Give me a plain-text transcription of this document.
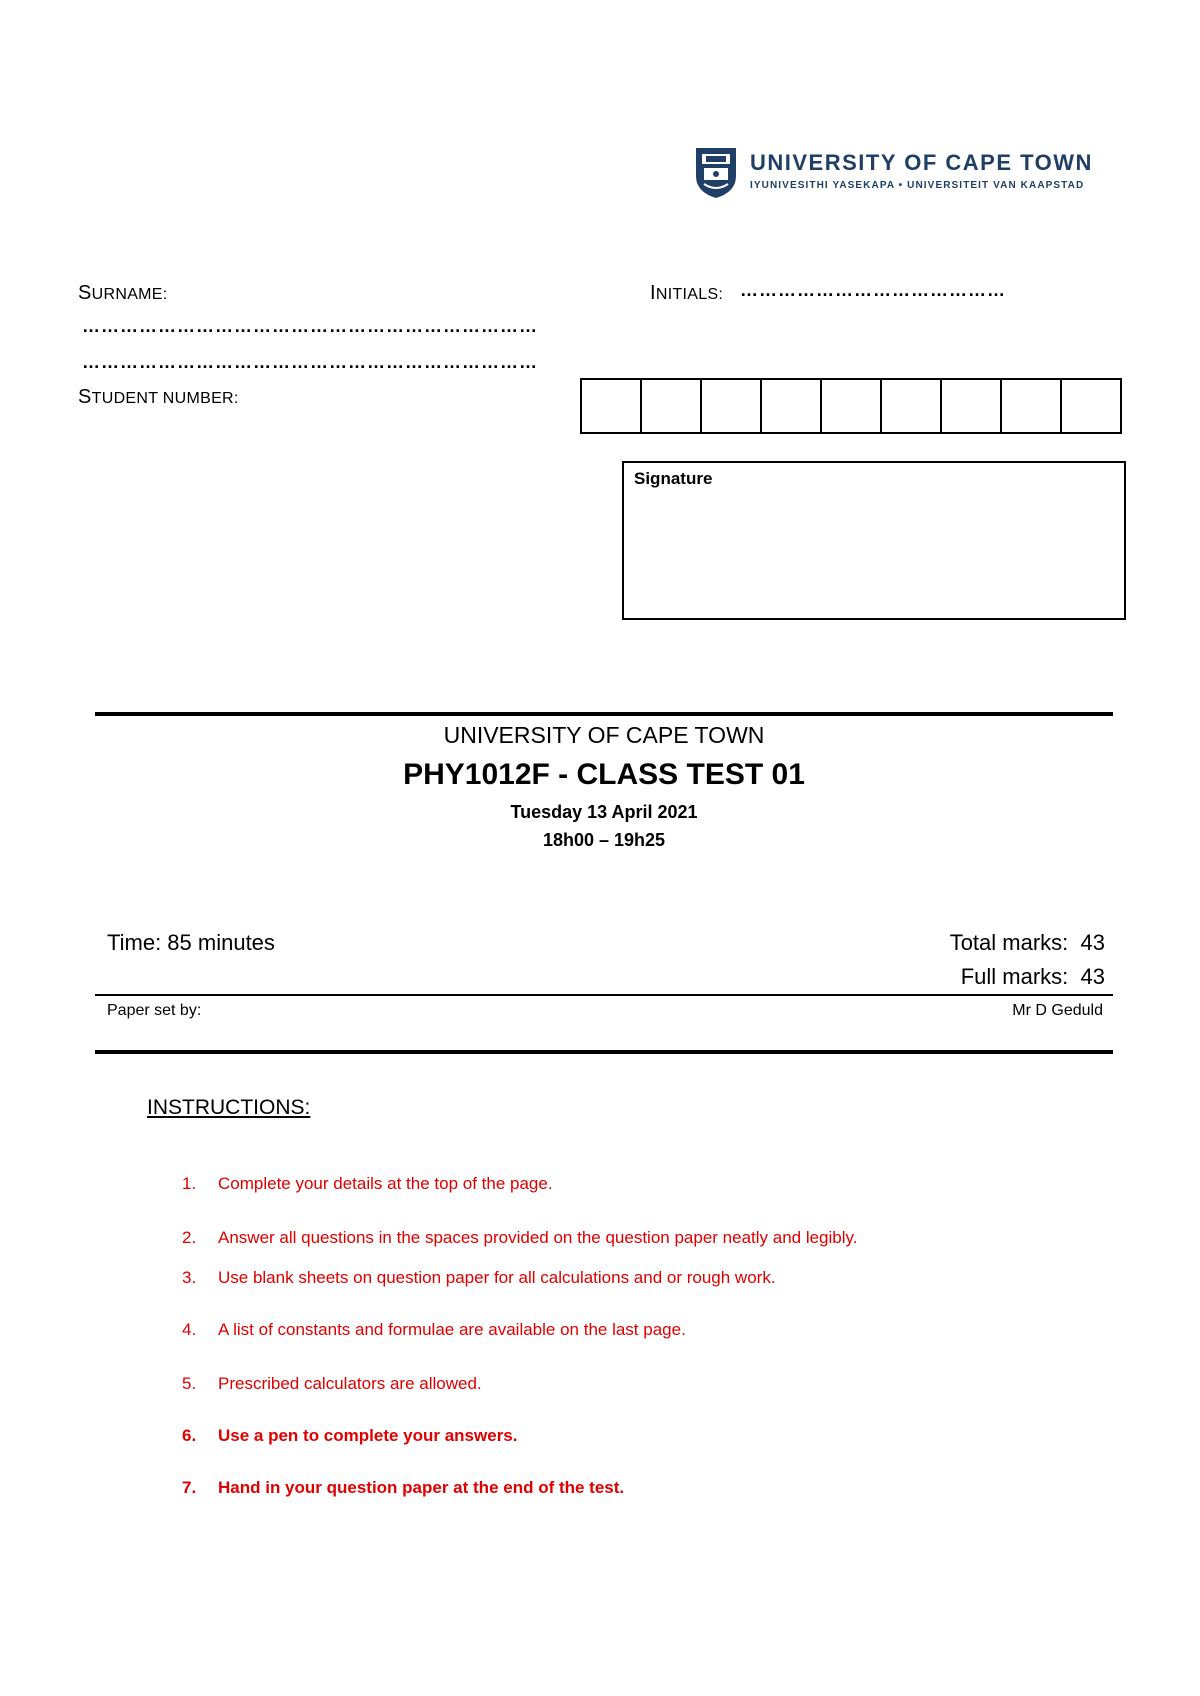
UNIVERSITY OF CAPE TOWN
IYUNIVESITHI YASEKAPA • UNIVERSITEIT VAN KAAPSTAD
SURNAME:
………………………………………………………………
………………………………………………………………
INITIALS: ……………………………………
STUDENT NUMBER:
Signature
UNIVERSITY OF CAPE TOWN
PHY1012F - CLASS TEST 01
Tuesday 13 April 2021
18h00 – 19h25
Time: 85 minutes	Total marks: 43
Full marks: 43
Paper set by:	Mr D Geduld
INSTRUCTIONS:
1. Complete your details at the top of the page.
2. Answer all questions in the spaces provided on the question paper neatly and legibly.
3. Use blank sheets on question paper for all calculations and or rough work.
4. A list of constants and formulae are available on the last page.
5. Prescribed calculators are allowed.
6. Use a pen to complete your answers.
7. Hand in your question paper at the end of the test.
